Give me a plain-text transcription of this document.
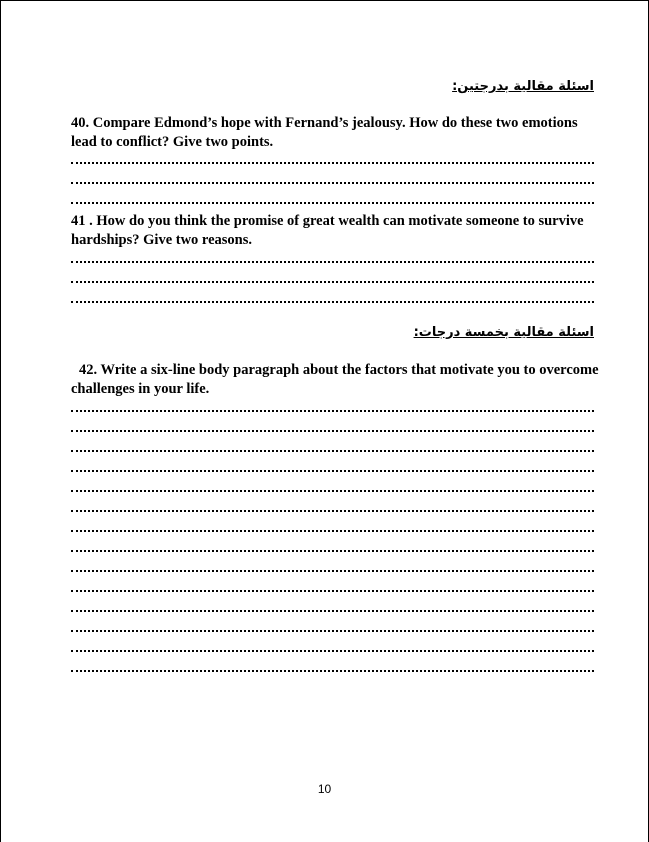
اسئلة مقالية بدرجتين:

40. Compare Edmond’s hope with Fernand’s jealousy. How do these two emotions lead to conflict? Give two points.

41 . How do you think the promise of great wealth can motivate someone to survive hardships? Give two reasons.

اسئلة مقالية بخمسة درجات:

42. Write a six-line body paragraph about the factors that motivate you to overcome challenges in your life.

10
